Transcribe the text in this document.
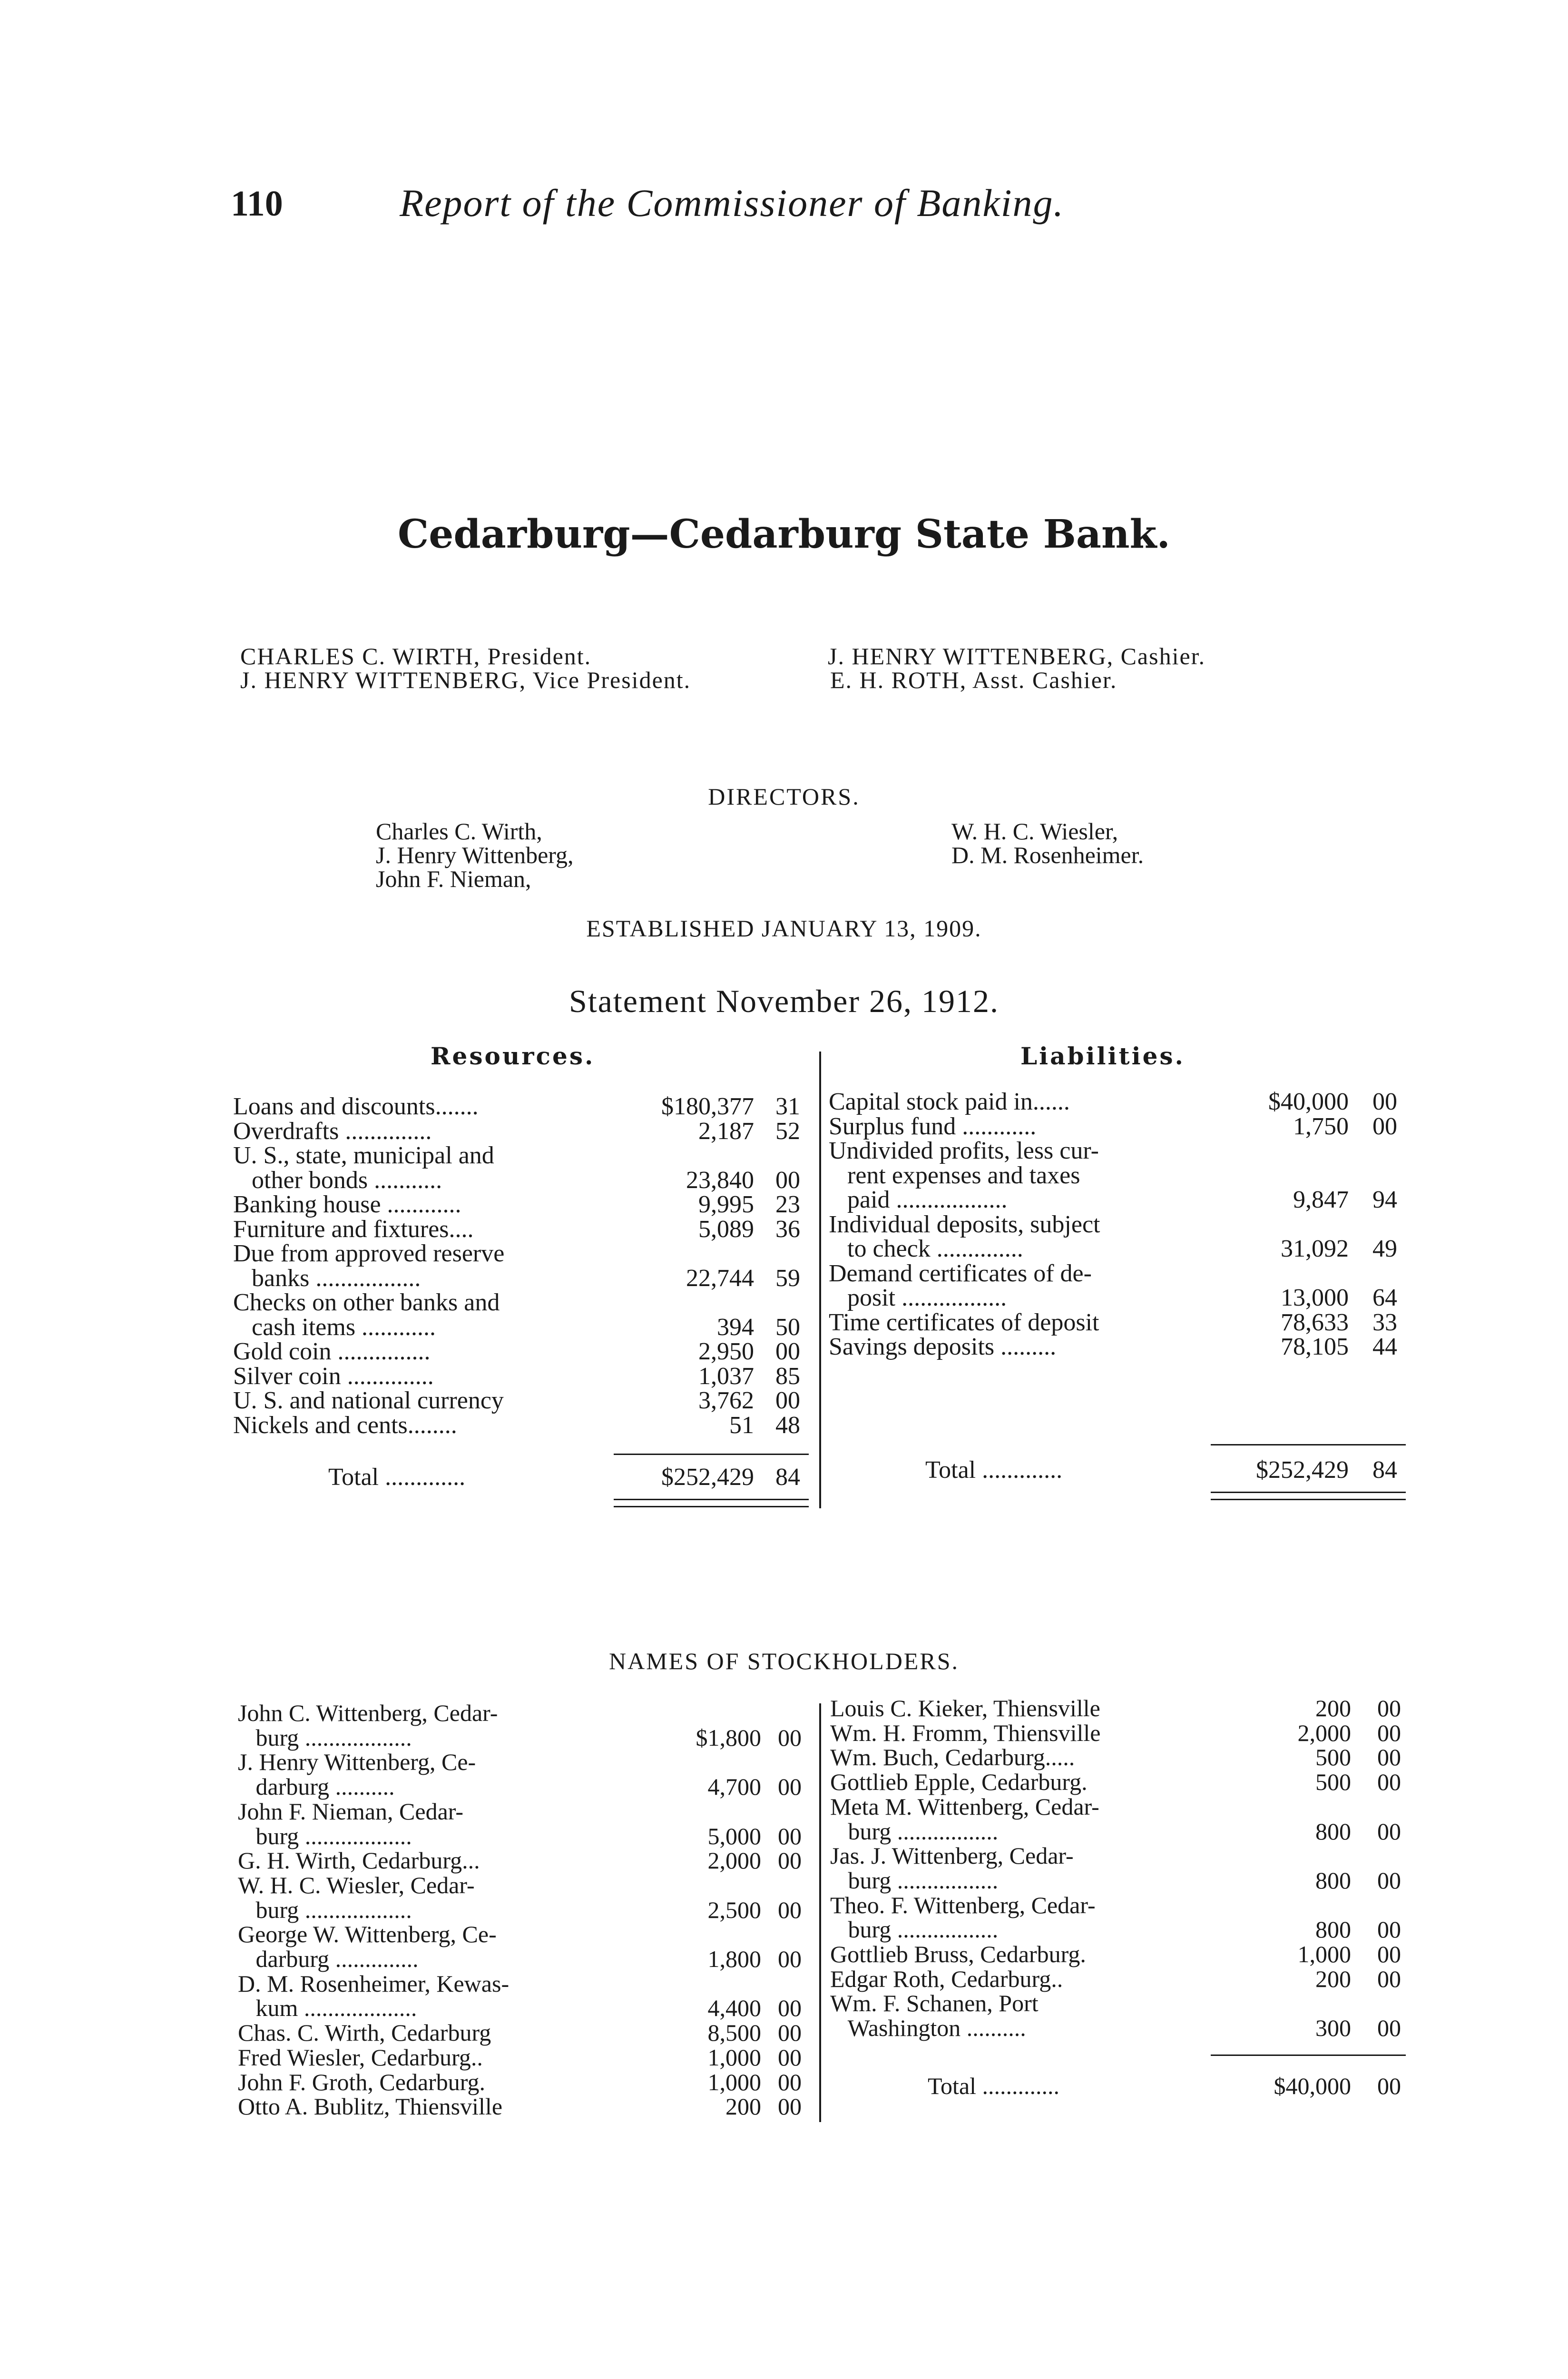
110	Report of the Commissioner of Banking.
Cedarburg—Cedarburg State Bank.
CHARLES C. WIRTH, President.	J. HENRY WITTENBERG, Cashier.
J. HENRY WITTENBERG, Vice President.	E. H. ROTH, Asst. Cashier.
DIRECTORS.
Charles C. Wirth,
J. Henry Wittenberg,
John F. Nieman,
W. H. C. Wiesler,
D. M. Rosenheimer.
ESTABLISHED JANUARY 13, 1909.
Statement November 26, 1912.
Resources.	Liabilities.
Loans and discounts.......	$180,377 31
Overdrafts ..............	2,187 52
U. S., state, municipal and
other bonds ...........	23,840 00
Banking house ............	9,995 23
Furniture and fixtures....	5,089 36
Due from approved reserve
banks .................	22,744 59
Checks on other banks and
cash items ............	394 50
Gold coin ...............	2,950 00
Silver coin ..............	1,037 85
U. S. and national currency	3,762 00
Nickels and cents........	51 48
Capital stock paid in......	$40,000 00
Surplus fund ............	1,750 00
Undivided profits, less cur-
rent expenses and taxes
paid ..................	9,847 94
Individual deposits, subject
to check ..............	31,092 49
Demand certificates of de-
posit .................	13,000 64
Time certificates of deposit	78,633 33
Savings deposits .........	78,105 44
Total .............	$252,429 84	Total .............	$252,429 84
NAMES OF STOCKHOLDERS.
John C. Wittenberg, Cedar-
burg ..................	$1,800 00
J. Henry Wittenberg, Ce-
darburg ..........	4,700 00
John F. Nieman, Cedar-
burg ..................	5,000 00
G. H. Wirth, Cedarburg...	2,000 00
W. H. C. Wiesler, Cedar-
burg ..................	2,500 00
George W. Wittenberg, Ce-
darburg ..............	1,800 00
D. M. Rosenheimer, Kewas-
kum ...................	4,400 00
Chas. C. Wirth, Cedarburg	8,500 00
Fred Wiesler, Cedarburg..	1,000 00
John F. Groth, Cedarburg.	1,000 00
Otto A. Bublitz, Thiensville	200 00
Louis C. Kieker, Thiensville	200 00
Wm. H. Fromm, Thiensville	2,000 00
Wm. Buch, Cedarburg.....	500 00
Gottlieb Epple, Cedarburg.	500 00
Meta M. Wittenberg, Cedar-
burg .................	800 00
Jas. J. Wittenberg, Cedar-
burg .................	800 00
Theo. F. Wittenberg, Cedar-
burg .................	800 00
Gottlieb Bruss, Cedarburg.	1,000 00
Edgar Roth, Cedarburg..	200 00
Wm. F. Schanen, Port
Washington ..........	300 00
Total .............	$40,000 00
